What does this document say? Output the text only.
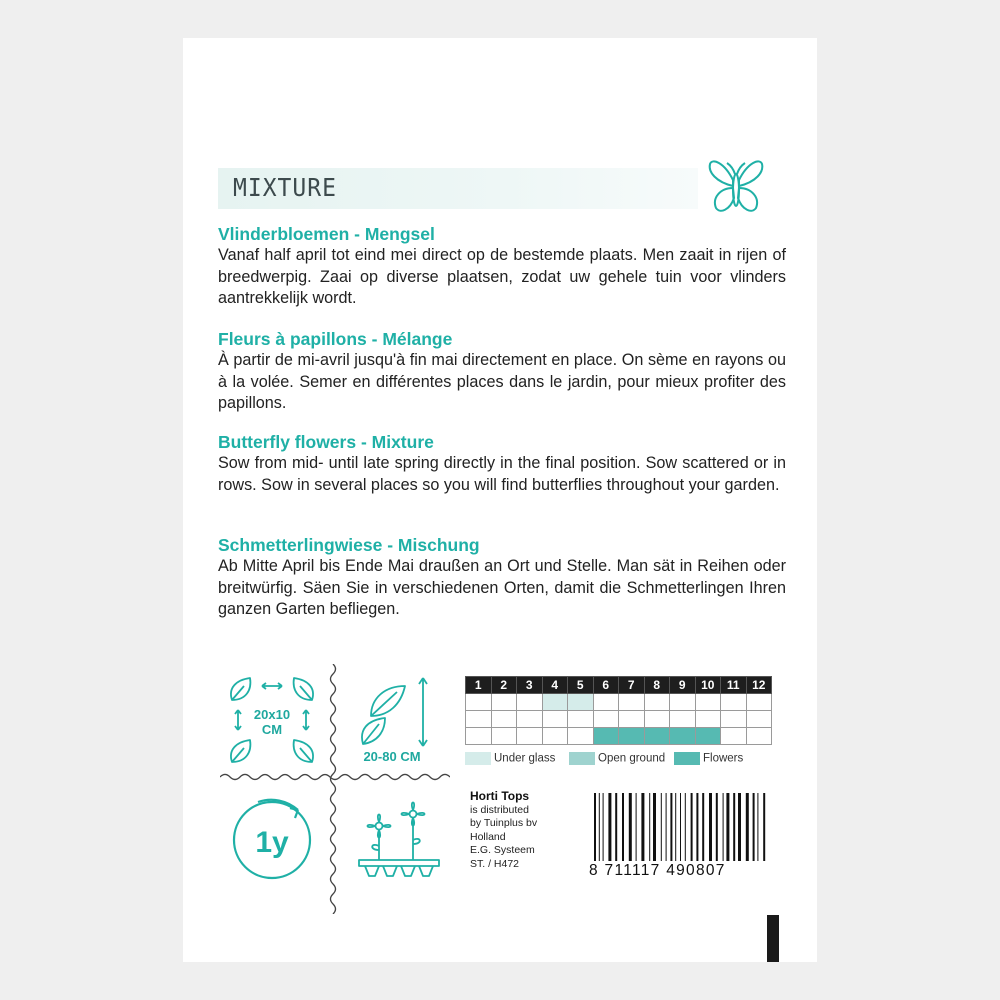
MIXTURE
Vlinderbloemen - Mengsel

Vanaf half april tot eind mei direct op de bestemde plaats. Men zaait in rijen of breedwerpig. Zaai op diverse plaatsen, zodat uw gehele tuin voor vlinders aantrekkelijk wordt.

Fleurs à papillons - Mélange

À partir de mi-avril jusqu'à fin mai directement en place. On sème en rayons ou à la volée. Semer en différentes places dans le jardin, pour mieux profiter des papillons.

Butterfly flowers - Mixture

Sow from mid- until late spring directly in the final position. Sow scattered or in rows. Sow in several places so you will find butterflies throughout your garden.

Schmetterlingwiese - Mischung

Ab Mitte April bis Ende Mai draußen an Ort und Stelle. Man sät in Reihen oder breitwürfig. Säen Sie in verschiedenen Orten, damit die Schmetterlingen Ihren ganzen Garten befliegen.

20x10
CM
20-80 CM
1y
1	2	3	4	5	6	7	8	9	10	11	12

Under glass	Open ground	Flowers
Horti Tops
is distributed
by Tuinplus bv
Holland
E.G. Systeem
ST. / H472	8 711117 490807
